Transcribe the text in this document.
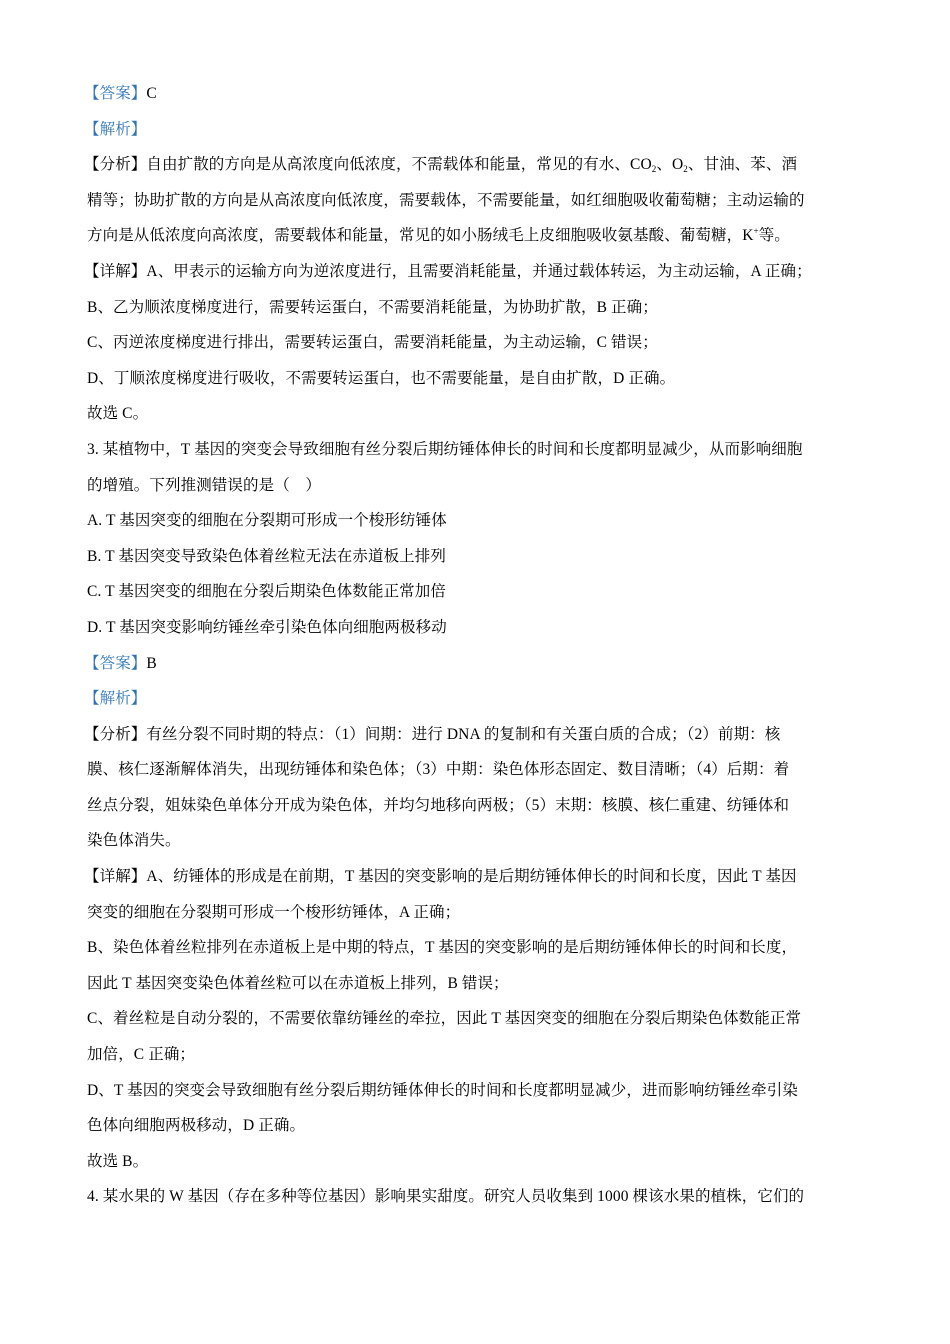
【答案】C
【解析】
【分析】自由扩散的方向是从高浓度向低浓度，不需载体和能量，常见的有水、$CO_2$、$O_2$、甘油、苯、酒
精等；协助扩散的方向是从高浓度向低浓度，需要载体，不需要能量，如红细胞吸收葡萄糖；主动运输的
方向是从低浓度向高浓度，需要载体和能量，常见的如小肠绒毛上皮细胞吸收氨基酸、葡萄糖，K+等。
【详解】A、甲表示的运输方向为逆浓度进行，且需要消耗能量，并通过载体转运，为主动运输，A 正确；
B、乙为顺浓度梯度进行，需要转运蛋白，不需要消耗能量，为协助扩散，B 正确；
C、丙逆浓度梯度进行排出，需要转运蛋白，需要消耗能量，为主动运输，C 错误；
D、丁顺浓度梯度进行吸收，不需要转运蛋白，也不需要能量，是自由扩散，D 正确。
故选 C。
3. 某植物中，T 基因的突变会导致细胞有丝分裂后期纺锤体伸长的时间和长度都明显减少，从而影响细胞
的增殖。下列推测错误的是（　）
A. T 基因突变的细胞在分裂期可形成一个梭形纺锤体
B. T 基因突变导致染色体着丝粒无法在赤道板上排列
C. T 基因突变的细胞在分裂后期染色体数能正常加倍
D. T 基因突变影响纺锤丝牵引染色体向细胞两极移动
【答案】B
【解析】
【分析】有丝分裂不同时期的特点：（1）间期：进行 DNA 的复制和有关蛋白质的合成；（2）前期：核
膜、核仁逐渐解体消失，出现纺锤体和染色体；（3）中期：染色体形态固定、数目清晰；（4）后期：着
丝点分裂，姐妹染色单体分开成为染色体，并均匀地移向两极；（5）末期：核膜、核仁重建、纺锤体和
染色体消失。
【详解】A、纺锤体的形成是在前期，T 基因的突变影响的是后期纺锤体伸长的时间和长度，因此 T 基因
突变的细胞在分裂期可形成一个梭形纺锤体，A 正确；
B、染色体着丝粒排列在赤道板上是中期的特点，T 基因的突变影响的是后期纺锤体伸长的时间和长度，
因此 T 基因突变染色体着丝粒可以在赤道板上排列，B 错误；
C、着丝粒是自动分裂的，不需要依靠纺锤丝的牵拉，因此 T 基因突变的细胞在分裂后期染色体数能正常
加倍，C 正确；
D、T 基因的突变会导致细胞有丝分裂后期纺锤体伸长的时间和长度都明显减少，进而影响纺锤丝牵引染
色体向细胞两极移动，D 正确。
故选 B。
4. 某水果的 W 基因（存在多种等位基因）影响果实甜度。研究人员收集到 1000 棵该水果的植株，它们的
